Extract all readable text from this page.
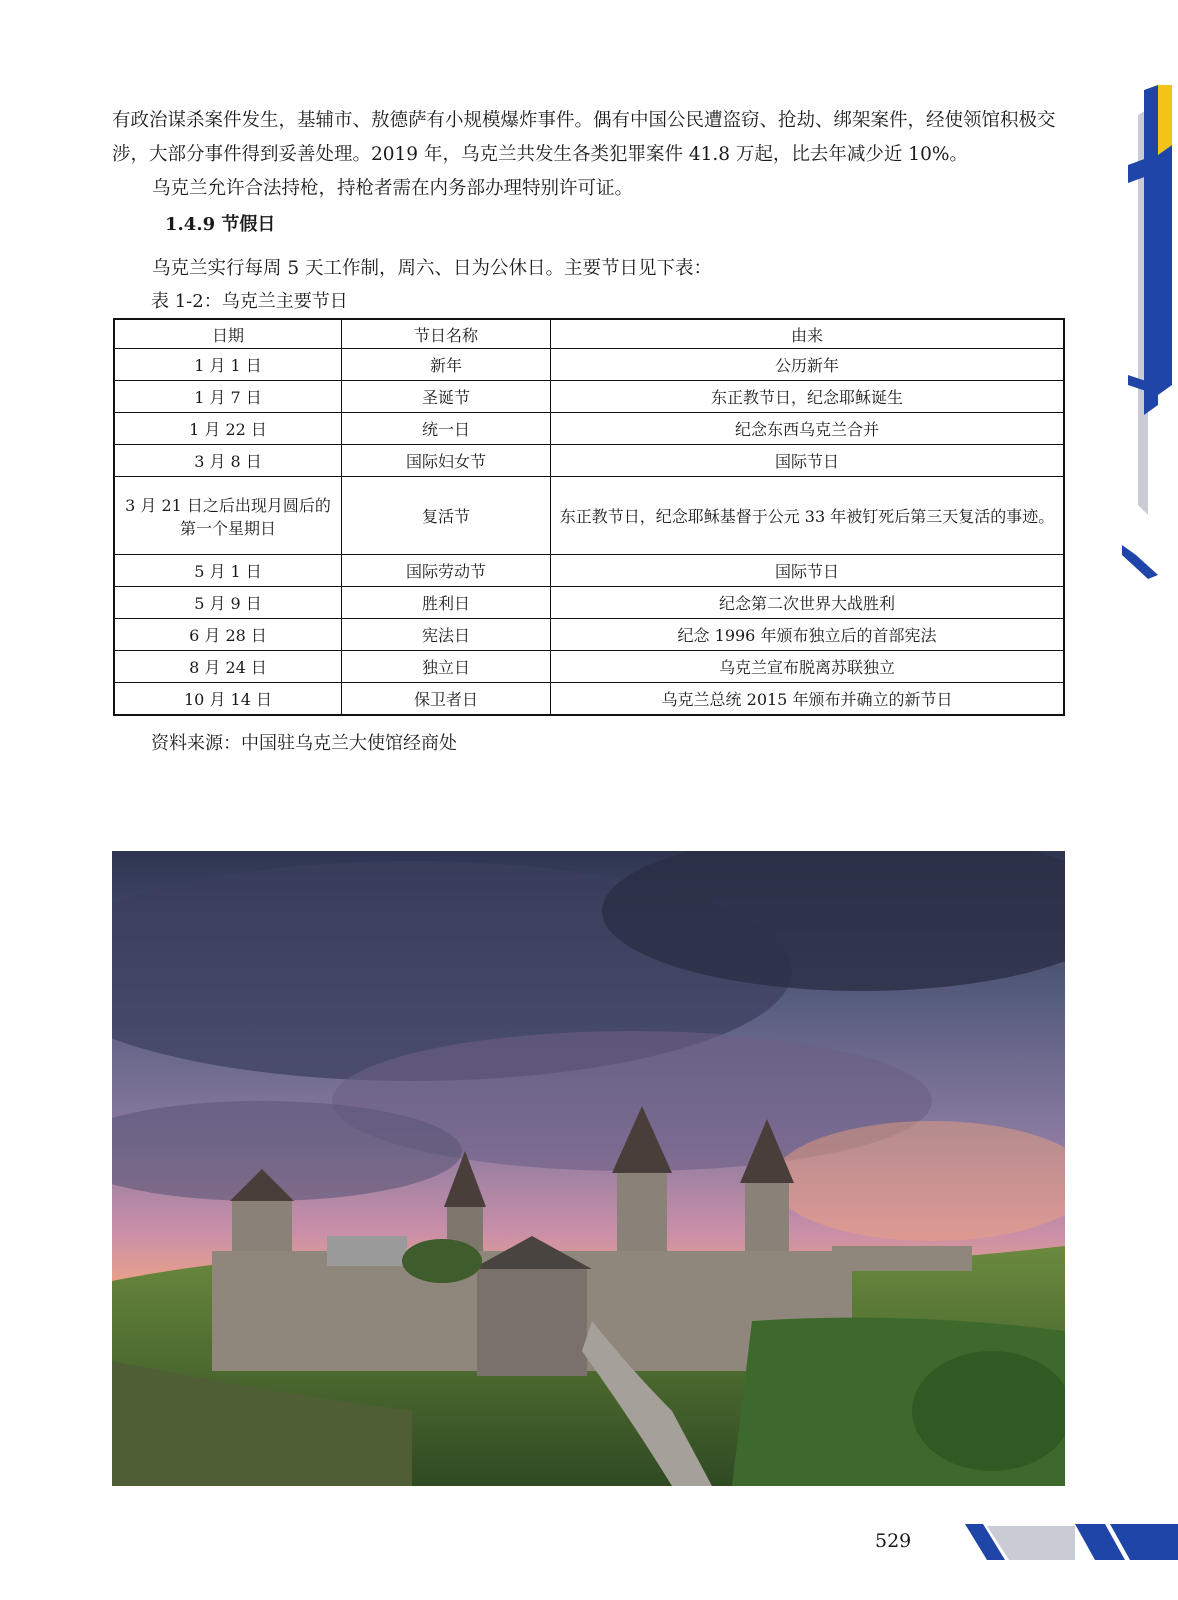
有政治谋杀案件发生，基辅市、敖德萨有小规模爆炸事件。偶有中国公民遭盗窃、抢劫、绑架案件，经使领馆积极交涉，大部分事件得到妥善处理。2019 年，乌克兰共发生各类犯罪案件 41.8 万起，比去年减少近 10%。

乌克兰允许合法持枪，持枪者需在内务部办理特别许可证。

1.4.9 节假日

乌克兰实行每周 5 天工作制，周六、日为公休日。主要节日见下表：

表 1-2：乌克兰主要节日

日期	节日名称	由来
1 月 1 日	新年	公历新年
1 月 7 日	圣诞节	东正教节日，纪念耶稣诞生
1 月 22 日	统一日	纪念东西乌克兰合并
3 月 8 日	国际妇女节	国际节日
3 月 21 日之后出现月圆后的第一个星期日	复活节	东正教节日，纪念耶稣基督于公元 33 年被钉死后第三天复活的事迹。
5 月 1 日	国际劳动节	国际节日
5 月 9 日	胜利日	纪念第二次世界大战胜利
6 月 28 日	宪法日	纪念 1996 年颁布独立后的首部宪法
8 月 24 日	独立日	乌克兰宣布脱离苏联独立
10 月 14 日	保卫者日	乌克兰总统 2015 年颁布并确立的新节日

资料来源：中国驻乌克兰大使馆经商处

529
